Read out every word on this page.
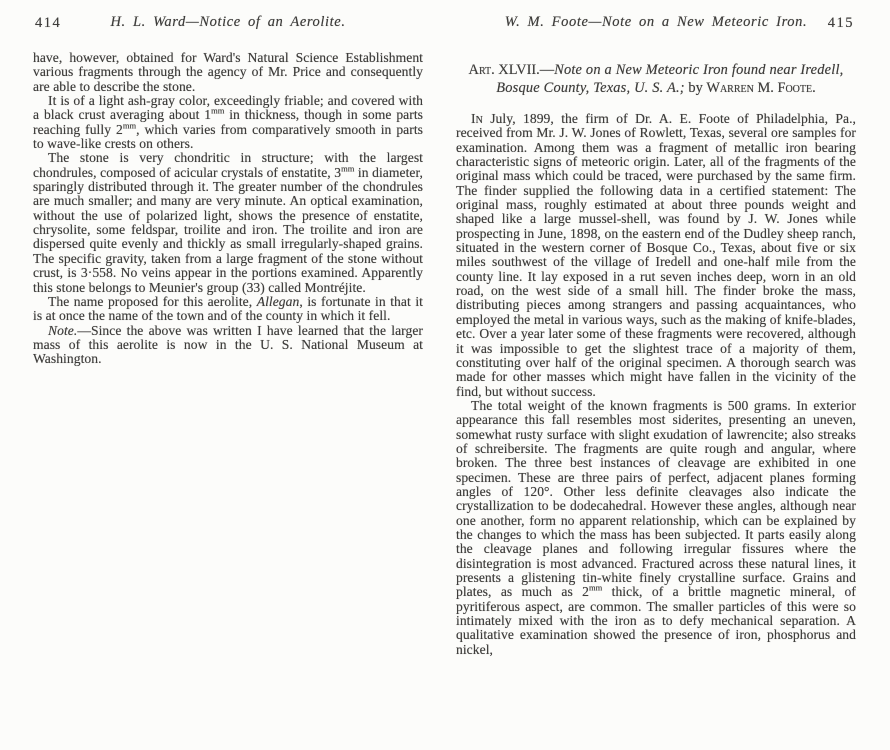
414	H. L. Ward—Notice of an Aerolite.

have, however, obtained for Ward's Natural Science Establishment various fragments through the agency of Mr. Price and consequently are able to describe the stone.

It is of a light ash-gray color, exceedingly friable; and covered with a black crust averaging about $1^{mm}$ in thickness, though in some parts reaching fully $2^{mm}$, which varies from comparatively smooth in parts to wave-like crests on others.

The stone is very chondritic in structure; with the largest chondrules, composed of acicular crystals of enstatite, $3^{mm}$ in diameter, sparingly distributed through it. The greater number of the chondrules are much smaller; and many are very minute. An optical examination, without the use of polarized light, shows the presence of enstatite, chrysolite, some feldspar, troilite and iron. The troilite and iron are dispersed quite evenly and thickly as small irregularly-shaped grains. The specific gravity, taken from a large fragment of the stone without crust, is 3·558. No veins appear in the portions examined. Apparently this stone belongs to Meunier's group (33) called Montréjite.

The name proposed for this aerolite, Allegan, is fortunate in that it is at once the name of the town and of the county in which it fell.

Note.—Since the above was written I have learned that the larger mass of this aerolite is now in the U. S. National Museum at Washington.

W. M. Foote—Note on a New Meteoric Iron.	415

Art. XLVII.—Note on a New Meteoric Iron found near Iredell, Bosque County, Texas, U. S. A.; by Warren M. Foote.

In July, 1899, the firm of Dr. A. E. Foote of Philadelphia, Pa., received from Mr. J. W. Jones of Rowlett, Texas, several ore samples for examination. Among them was a fragment of metallic iron bearing characteristic signs of meteoric origin. Later, all of the fragments of the original mass which could be traced, were purchased by the same firm. The finder supplied the following data in a certified statement: The original mass, roughly estimated at about three pounds weight and shaped like a large mussel-shell, was found by J. W. Jones while prospecting in June, 1898, on the eastern end of the Dudley sheep ranch, situated in the western corner of Bosque Co., Texas, about five or six miles southwest of the village of Iredell and one-half mile from the county line. It lay exposed in a rut seven inches deep, worn in an old road, on the west side of a small hill. The finder broke the mass, distributing pieces among strangers and passing acquaintances, who employed the metal in various ways, such as the making of knife-blades, etc. Over a year later some of these fragments were recovered, although it was impossible to get the slightest trace of a majority of them, constituting over half of the original specimen. A thorough search was made for other masses which might have fallen in the vicinity of the find, but without success.

The total weight of the known fragments is 500 grams. In exterior appearance this fall resembles most siderites, presenting an uneven, somewhat rusty surface with slight exudation of lawrencite; also streaks of schreibersite. The fragments are quite rough and angular, where broken. The three best instances of cleavage are exhibited in one specimen. These are three pairs of perfect, adjacent planes forming angles of 120°. Other less definite cleavages also indicate the crystallization to be dodecahedral. However these angles, although near one another, form no apparent relationship, which can be explained by the changes to which the mass has been subjected. It parts easily along the cleavage planes and following irregular fissures where the disintegration is most advanced. Fractured across these natural lines, it presents a glistening tin-white finely crystalline surface. Grains and plates, as much as $2^{mm}$ thick, of a brittle magnetic mineral, of pyritiferous aspect, are common. The smaller particles of this were so intimately mixed with the iron as to defy mechanical separation. A qualitative examination showed the presence of iron, phosphorus and nickel,
